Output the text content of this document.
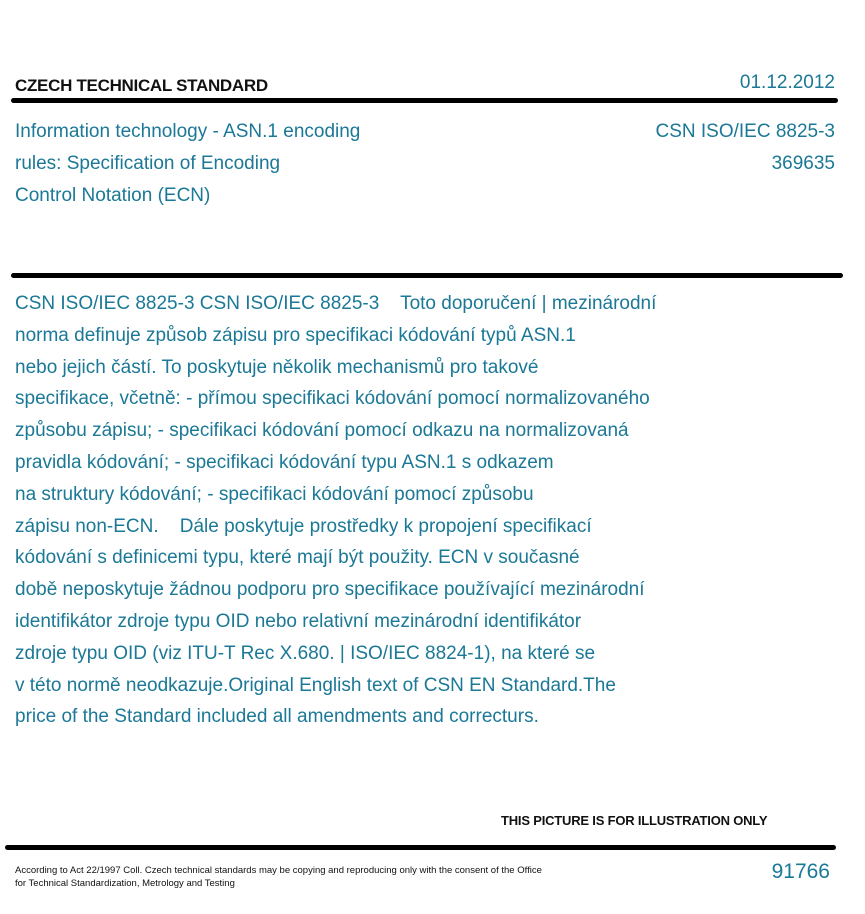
CZECH TECHNICAL STANDARD	01.12.2012
Information technology - ASN.1 encoding
rules: Specification of Encoding
Control Notation (ECN)
CSN ISO/IEC 8825-3
369635
CSN ISO/IEC 8825-3 CSN ISO/IEC 8825-3    Toto doporučení | mezinárodní
norma definuje způsob zápisu pro specifikaci kódování typů ASN.1
nebo jejich částí. To poskytuje několik mechanismů pro takové
specifikace, včetně: - přímou specifikaci kódování pomocí normalizovaného
způsobu zápisu; - specifikaci kódování pomocí odkazu na normalizovaná
pravidla kódování; - specifikaci kódování typu ASN.1 s odkazem
na struktury kódování; - specifikaci kódování pomocí způsobu
zápisu non-ECN.    Dále poskytuje prostředky k propojení specifikací
kódování s definicemi typu, které mají být použity. ECN v současné
době neposkytuje žádnou podporu pro specifikace používající mezinárodní
identifikátor zdroje typu OID nebo relativní mezinárodní identifikátor
zdroje typu OID (viz ITU-T Rec X.680. | ISO/IEC 8824-1), na které se
v této normě neodkazuje.Original English text of CSN EN Standard.The
price of the Standard included all amendments and correcturs.
THIS PICTURE IS FOR ILLUSTRATION ONLY
According to Act 22/1997 Coll. Czech technical standards may be copying and reproducing only with the consent of the Office
for Technical Standardization, Metrology and Testing
91766
